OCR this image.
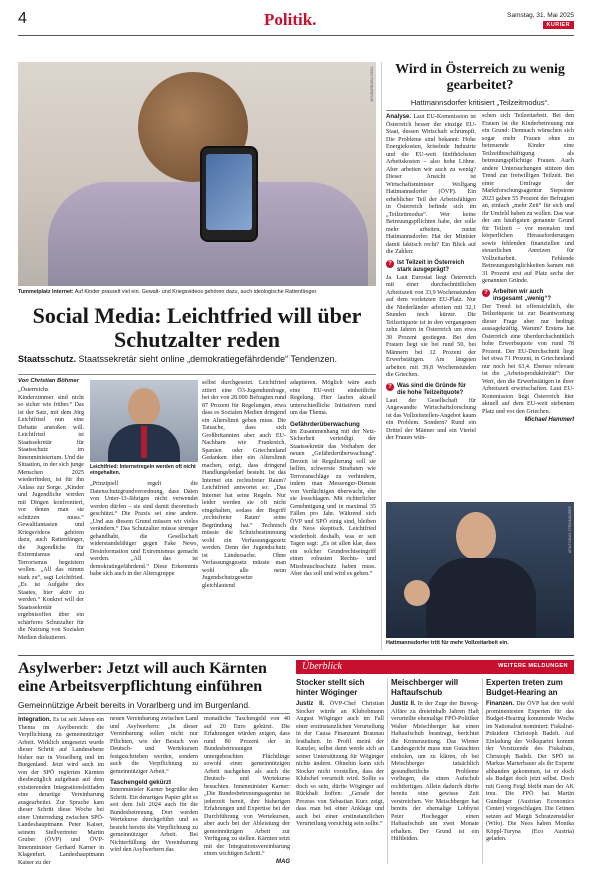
4	Politik.	Samstag, 31. Mai 2025
KURIER
APA/BARBARA GINDL
Tummelplatz Internet: Auf Kinder prasselt viel ein. Gewalt- und Kriegsvideos gehören dazu, auch ideologische Rattenfänger.
Social Media: Leichtfried will über Schutzalter reden
Staatsschutz. Staatssekretär sieht online „demokratiegefährdende“ Tendenzen.

Von Christian Böhmer

„Österreichs Kinderzimmer sind nicht so sicher wie früher.“ Das ist der Satz, mit dem Jörg Leichtfried nun eine Debatte anstoßen will. Leichtfried ist Staatssekretär für Staatsschutz im Innenministerium. Und die Situation, in der sich junge Menschen 2025 wiederfinden, ist für ihn Anlass zur Sorge. „Kinder und Jugendliche werden mit Dingen konfrontiert, vor denen man sie schützen muss.“ Gewaltfantasien und Kriegsvideos gehören dazu, auch Rattenfänger, die Jugendliche für Extremismus und Terrorismus begeistern wollen. „All das nimmt stark zu“, sagt Leichtfried. „Es ist Aufgabe des Staates, hier aktiv zu werden.“ Konkret will der Staatssekretär ergebnisoffen über ein schärferes Schutzalter für die Nutzung von Sozialen Medien diskutieren.

Leichtfried: Internetregeln werden oft nicht eingehalten.

„Prinzipiell regelt die Datenschutzgrundverordnung, dass Daten von Unter-13-Jährigen nicht verwendet werden dürfen – sie sind damit theoretisch geschützt.“ Die Praxis sei eine andere. „Und aus diesem Grund müssen wir vieles verändern.“ Das Schutzalter müsse strenger gehandhabt, die Gesellschaft widerstandsfähiger gegen Fake News, Desinformation und Extremismus gemacht werden. „All das ist demokratiegefährdend.“ Diese Erkenntnis habe sich auch in der Altersgruppe

selbst durchgesetzt. Leichtfried zitiert eine Ö3-Jugendumfrage, bei der von 28.000 Befragten rund 87 Prozent für Regelungen, etwa dass es Sozialen Medien dringend ein Alterslimit geben muss. Die Tatsache, dass sich Großbritannien aber auch EU-Nachbarn wie Frankreich, Spanien oder Griechenland Gedanken über ein Alterslimit machen, zeigt, dass dringend Handlungsbedarf besteht. Ist das Internet ein rechtsfreier Raum? Leichtfried antwortet so: „Das Internet hat seine Regeln. Nur leider werden sie oft nicht eingehalten, sodass der Begriff ‚rechtsfreier Raum‘ seine Begründung hat.“ Technisch müsste die Schutzbestimmung wohl ein Verfassungsgesetz werden. Denn der Jugendschutz ist Ländersache. Ohne Verfassungsgesetz müsste man wohl alle neun Jugendschutzgesetze gleichlautend

adaptieren. Möglich wäre auch eine EU-weit einheitliche Regelung. Hier laufen aktuell unterschiedliche Initiativen rund um das Thema.

Gefährderüberwachung

Im Zusammenhang mit der Netz-Sicherheit verteidigt der Staatssekretär das Vorhaben der neuen „Gefährderüberwachung“. Derzeit ist Regulierung soll sie helfen, schwerste Straftaten wie Terroranschläge zu verhindern, indem man Messenger-Dienste von Verdächtigen überwacht, ehe sie losschlagen. Mit richterlicher Genehmigung und in maximal 35 Fällen pro Jahr. Während sich ÖVP und SPÖ einig sind, bleiben die Neos skeptisch. Leichtfried wiederholt deshalb, was er seit Tagen sagt: „Es ist allen klar, dass ein solcher Grundrechtseingriff einen robusten Rechts- und Missbrauchsschutz haben muss. Aber das soll und wird es geben.“

Wird in Österreich zu wenig gearbeitet?
Hattmannsdorfer kritisiert „Teilzeitmodus“.

Analyse. Laut EU-Kommission ist Österreich besser der einzige EU-Staat, dessen Wirtschaft schrumpft. Die Probleme sind bekannt: Hohe Energiekosten, kriselnde Industrie und die EU-weit fünfthöchsten Arbeitskosten – also hohe Löhne. Aber arbeiten wir auch zu wenig? Dieser Ansicht ist Wirtschaftsminister Wolfgang Hattmannsdorfer (ÖVP). Ein erheblicher Teil der Arbeitsfähigen in Österreich befinde sich im „Teilzeitmodus“. Wer keine Betreuungspflichten habe, der solle mehr arbeiten, meint Hattmannsdorfer. Hat der Minister damit faktisch recht? Ein Blick auf die Zahlen:

? Ist Teilzeit in Österreich stark ausgeprägt?

Ja. Laut Eurostat liegt Österreich mit einer durchschnittlichen Arbeitszeit von 33,9 Wochenstunden auf dem vorletzten EU-Platz. Nur die Niederländer arbeiten mit 32,1 Stunden noch kürzer. Die Teilzeitquote ist in den vergangenen zehn Jahren in Österreich um etwa 30 Prozent gestiegen. Bei den Frauen liegt sie bei rund 50, bei Männern bei 12 Prozent der Erwerbstätigen. Am längsten arbeiten mit 39,8 Wochenstunden die Griechen.

? Was sind die Gründe für die hohe Teilzeitquote?

Laut der Gesellschaft für Angewandte Wirtschaftsforschung ist das Vollzeitstellen-Angebot kaum ein Problem. Sondern? Rund ein Drittel der Männer und ein Viertel der Frauen wün-

schen sich Teilzeitarbeit. Bei den Frauen ist die Kinderbetreuung nur ein Grund: Demnach wünschen sich sogar mehr Frauen ohne zu betreuende Kinder eine Teilzeitbeschäftigung als betreuungspflichtige Frauen. Auch andere Untersuchungen stützen den Trend zur freiwilligen Teilzeit. Bei einer Umfrage der Marktforschungsagentur Stepstone 2023 gaben 55 Prozent der Befragten an, einfach „mehr Zeit“ für sich und ihr Umfeld haben zu wollen. Das war der am häufigsten genannte Grund für Teilzeit – vor mentalen und körperlichen Herausforderungen sowie fehlenden finanziellen und steuerlichen Anreizen für Vollzeitarbeit. Fehlende Betreuungsmöglichkeiten kamen mit 31 Prozent erst auf Platz sechs der genannten Gründe.

? Arbeiten wir auch insgesamt „wenig“?

Der Trend ist offensichtlich, die Teilzeitquote ist zur Beantwortung dieser Frage aber nur bedingt aussagekräftig. Warum? Erstens hat Österreich eine überdurchschnittlich hohe Erwerbsquote von rund 78 Prozent. Der EU-Durchschnitt liegt bei etwa 71 Prozent, in Griechenland nur noch bei 63,4. Ebenso relevant ist die „Arbeitsproduktivität“: Der Wert, den die Erwerbstätigen in ihrer Arbeitszeit erwirtschaften. Laut EU-Kommission liegt Österreich hier aktuell auf dem EU-weit siebenten Platz und vor den Griechen.

Michael Hammerl

APA/TOBIAS STEINMAURER
Hattmannsdorfer tritt für mehr Vollzeitarbeit ein.
Asylwerber: Jetzt will auch Kärnten eine Arbeitsverpflichtung einführen
Gemeinnützige Arbeit bereits in Vorarlberg und im Burgenland.

Integration. Es ist seit Jahren ein Thema im Asylbereich: die Verpflichtung zu gemeinnütziger Arbeit. Wirklich umgesetzt wurde dieser Schritt auf Landesebene bisher nur in Vorarlberg und im Burgenland. Jetzt wird auch im von der SPÖ regierten Kärnten diesbezüglich aufgebaut auf dem existierenden Integrationsleitfaden eine derartige Vereinbarung ausgearbeitet. Zur Sprache kam dieser Schritt diese Woche bei einer Unterredung zwischen SPÖ-Landeshauptmann Peter Kaiser, seinem Stellvertreter Martin Gruber (ÖVP) und ÖVP-Innenminister Gerhard Karner in Klagenfurt. Landeshauptmann Kaiser zu der

neuen Vereinbarung zwischen Land und Asylwerbern: „In dieser Vereinbarung sollen nicht nur Pflichten, wie der Besuch von Deutsch- und Wertekursen festgeschrieben werden, sondern auch die Verpflichtung zu gemeinnütziger Arbeit.“

Taschengeld gekürzt

Innenminister Karner begrüßte den Schritt. Ein derartiges Papier gibt es seit dem Juli 2024 auch für die Bundesbetreuung. Dort werden Wertekurse durchgeführt und es besteht bereits die Verpflichtung zu gemeinnütziger Arbeit. Bei Nichterfüllung der Vereinbarung wird den Asylwerbern das

monatliche Taschengeld von 40 auf 20 Euro gekürzt. Die Erfahrungen würden zeigen, dass rund 80 Prozent der in Bundesbetreuungen untergebrachten Flüchtlinge sowohl einer gemeinnützigen Arbeit nachgehen als auch die Deutsch- und Wertekurse besuchten. Innenminister Karner: „Die Bundesbetreuungsagentur ist jederzeit bereit, ihre bisherigen Erfahrungen und Expertise bei der Durchführung von Wertekursen, aber auch bei der Ableistung der gemeinnützigen Arbeit zur Verfügung zu stellen. Kärnten setzt mit der Integrationsvereinbarung einen wichtigen Schritt.“

MAG

Überblick	WEITERE MELDUNGEN

Stocker stellt sich hinter Wöginger

Justiz II. ÖVP-Chef Christian Stocker würde an Klubobmann August Wöginger auch im Fall einer erstinstanzlichen Verurteilung in der Causa Finanzamt Braunau festhalten. In Profil meint der Kanzler, selbst dann werde sich an seiner Unterstützung für Wöginger nichts ändern. Ohnehin kann sich Stocker nicht vorstellen, dass der Klubchef verurteilt wird. Sollte es doch so sein, dürfte Wöginger auf Rückhalt hoffen: „Gerade der Prozess von Sebastian Kurz zeigt, dass man bei einer Anklage und auch bei einer erstinstanzlichen Verurteilung vorsichtig sein sollte.“

Meischberger will Haftaufschub

Justiz II. In der Zuge der Buwog-Affäre zu dreieinhalb Jahren Haft verurteilte ehemalige FPÖ-Politiker Walter Meischberger hat einen Haftaufschub beantragt, berichtet die Kronenzeitung. Das Wiener Landesgericht muss nun Gutachten einholen, um zu klären, ob bei Meischberger tatsächlich gesundheitliche Probleme vorliegen, die einen Aufschub rechtfertigen. Allein dadurch dürfte bereits eine gewisse Zeit verstreichen. Vor Meischberger hat bereits der ehemalige Lobbyist Peter Hochegger einen Haftaufschub um zwei Monate erhalten. Der Grund ist ein Hüftleiden.

Experten treten zum Budget-Hearing an

Finanzen. Die ÖVP hat den wohl prominentesten Experten für das Budget-Hearing kommende Woche im Nationalrat nominiert: Fiskalrat-Präsident Christoph Badelt. Auf Einladung der Volkspartei kommt der Vorsitzende des Fiskalrats, Christoph Badelt. Der SPÖ ist Markus Marterbauer als ihr Experte abhanden gekommen, ist er doch als Budget doch jetzt selbst. Doch mit Georg Feigl bleibt man der AK treu. Die FPÖ hat Martin Gundinger (Austrian Economics Center) vorgeschlagen. Die Grünen setzen auf Margit Schratzenstaller (Wifo). Die Neos haben Monika Köppl-Turyna (Eco Austria) geladen.
